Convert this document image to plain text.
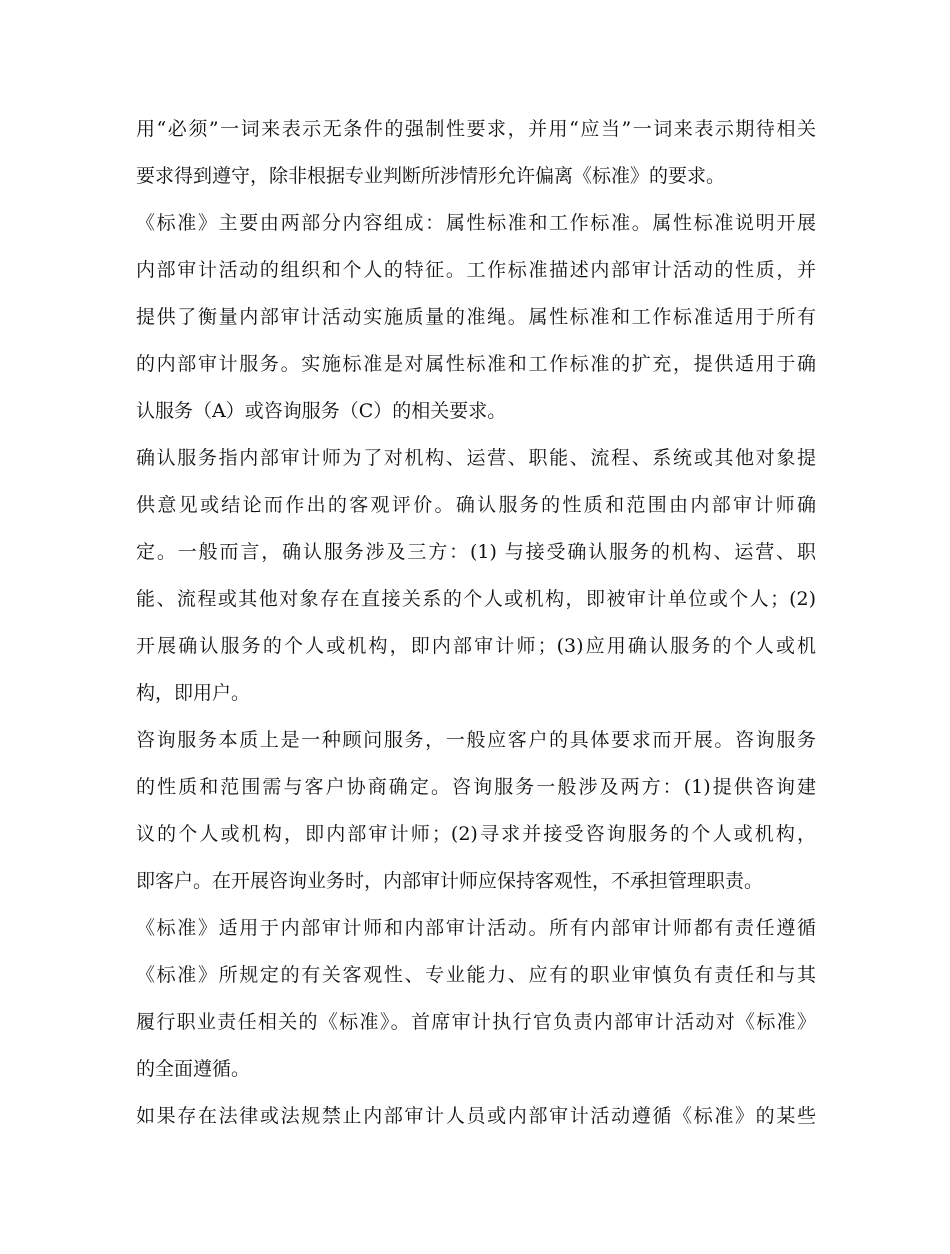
用“必须”一词来表示无条件的强制性要求，并用“应当”一词来表示期待相关
要求得到遵守，除非根据专业判断所涉情形允许偏离《标准》的要求。
《标准》主要由两部分内容组成：属性标准和工作标准。属性标准说明开展
内部审计活动的组织和个人的特征。工作标准描述内部审计活动的性质，并
提供了衡量内部审计活动实施质量的准绳。属性标准和工作标准适用于所有
的内部审计服务。实施标准是对属性标准和工作标准的扩充，提供适用于确
认服务（A）或咨询服务（C）的相关要求。
确认服务指内部审计师为了对机构、运营、职能、流程、系统或其他对象提
供意见或结论而作出的客观评价。确认服务的性质和范围由内部审计师确
定。一般而言，确认服务涉及三方：(1) 与接受确认服务的机构、运营、职
能、流程或其他对象存在直接关系的个人或机构，即被审计单位或个人；(2)
开展确认服务的个人或机构，即内部审计师；(3)应用确认服务的个人或机
构，即用户。
咨询服务本质上是一种顾问服务，一般应客户的具体要求而开展。咨询服务
的性质和范围需与客户协商确定。咨询服务一般涉及两方：(1)提供咨询建
议的个人或机构，即内部审计师；(2)寻求并接受咨询服务的个人或机构，
即客户。在开展咨询业务时，内部审计师应保持客观性，不承担管理职责。
《标准》适用于内部审计师和内部审计活动。所有内部审计师都有责任遵循
《标准》所规定的有关客观性、专业能力、应有的职业审慎负有责任和与其
履行职业责任相关的《标准》。首席审计执行官负责内部审计活动对《标准》
的全面遵循。
如果存在法律或法规禁止内部审计人员或内部审计活动遵循《标准》的某些
